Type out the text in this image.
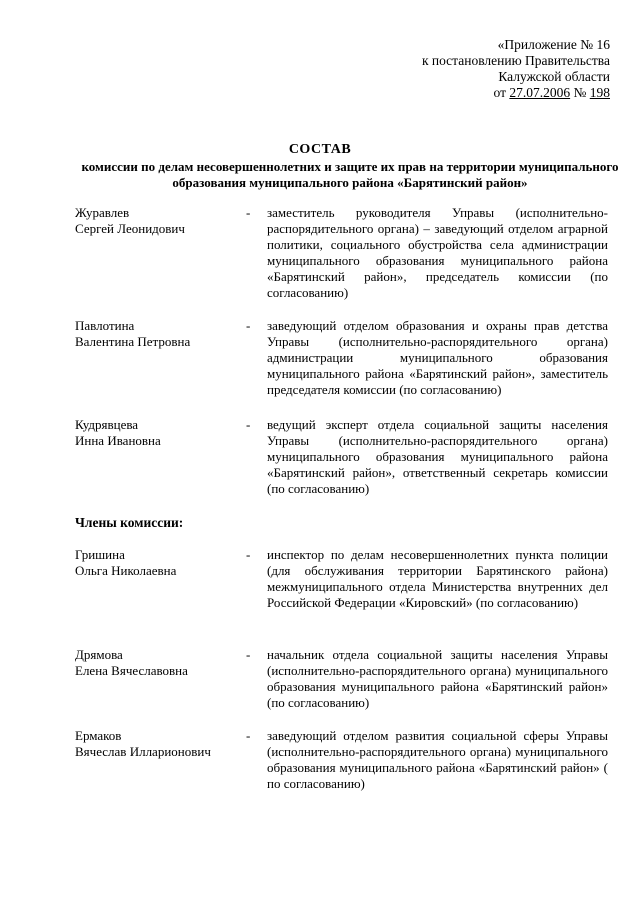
«Приложение № 16
к постановлению Правительства
Калужской области
от 27.07.2006 № 198
СОСТАВ
комиссии по делам несовершеннолетних и защите их прав на территории муниципального образования муниципального района «Барятинский район»
Журавлев
Сергей Леонидович
- заместитель руководителя Управы (исполнительно-распорядительного органа) – заведующий отделом аграрной политики, социального обустройства села администрации муниципального образования муниципального района «Барятинский район», председатель комиссии (по согласованию)
Павлотина
Валентина Петровна
- заведующий отделом образования и охраны прав детства Управы (исполнительно-распорядительного органа) администрации муниципального образования муниципального района «Барятинский район», заместитель председателя комиссии (по согласованию)
Кудрявцева
Инна Ивановна
- ведущий эксперт отдела социальной защиты населения Управы (исполнительно-распорядительного органа) муниципального образования муниципального района «Барятинский район», ответственный секретарь комиссии (по согласованию)
Члены комиссии:
Гришина
Ольга Николаевна
- инспектор по делам несовершеннолетних пункта полиции (для обслуживания территории Барятинского района) межмуниципального отдела Министерства внутренних дел Российской Федерации «Кировский» (по согласованию)
Дрямова
Елена Вячеславовна
- начальник отдела социальной защиты населения Управы (исполнительно-распорядительного органа) муниципального образования муниципального района «Барятинский район» (по согласованию)
Ермаков
Вячеслав Илларионович
- заведующий отделом развития социальной сферы Управы (исполнительно-распорядительного органа) муниципального образования муниципального района «Барятинский район» ( по согласованию)
